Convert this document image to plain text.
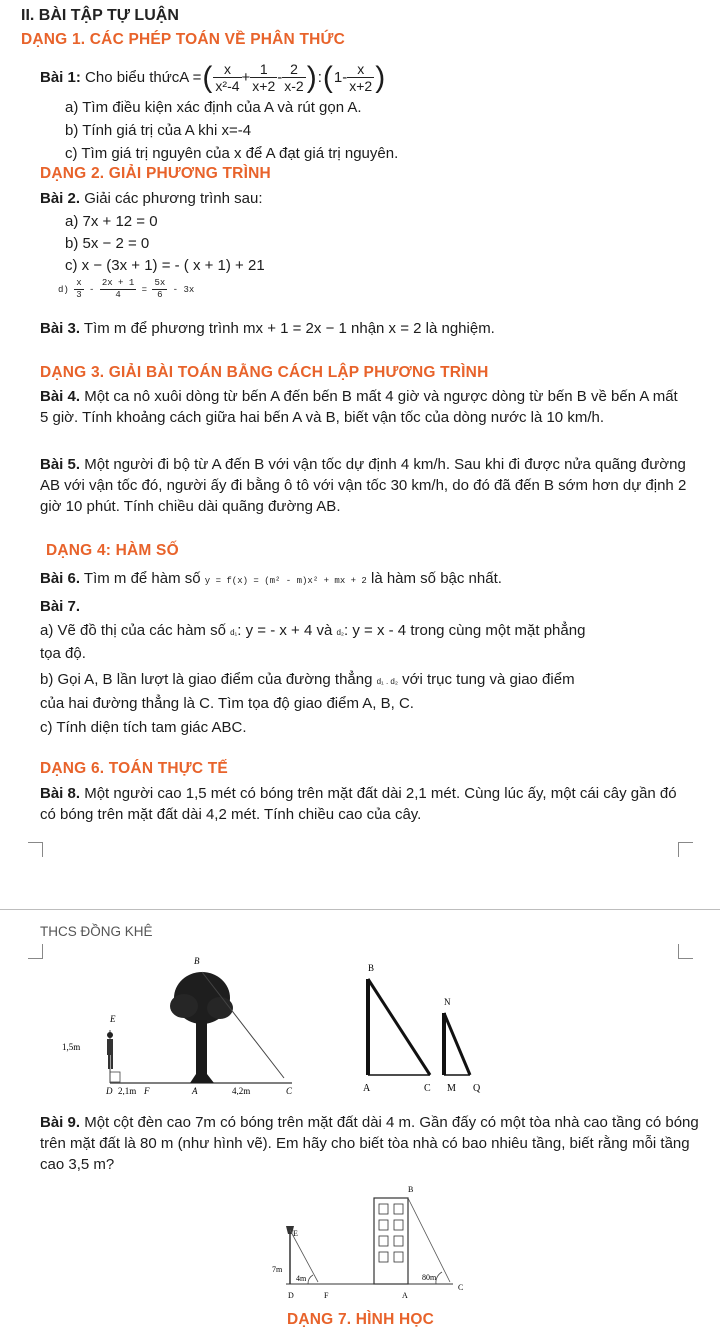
II. BÀI TẬP TỰ LUẬN
DẠNG 1. CÁC PHÉP TOÁN VỀ PHÂN THỨC
Bài 1:
Cho biểu thức A = ( $\frac{x}{\text{x²-4}} + \frac{1}{x+2} - \frac{2}{x-2}$ ) : ( $1- \frac{x}{x+2}$ )
a) Tìm điều kiện xác định của A và rút gọn A.
b) Tính giá trị của A khi x=-4
c) Tìm giá trị nguyên của x để A đạt giá trị nguyên.
DẠNG 2. GIẢI PHƯƠNG TRÌNH
Bài 2. Giải các phương trình sau:
a) 7x + 12 = 0
b) 5x − 2 = 0
c) x − (3x + 1) = - ( x + 1) + 21
d)
$\frac{x}{3} - \frac{2x + 1}{4} = \frac{5x}{6}$
- 3x
Bài 3. Tìm m để phương trình mx + 1 = 2x − 1 nhận x = 2 là nghiệm.
DẠNG 3. GIẢI BÀI TOÁN BẰNG CÁCH LẬP PHƯƠNG TRÌNH
Bài 4. Một ca nô xuôi dòng từ bến A đến bến B mất 4 giờ và ngược dòng từ bến B về bến A mất 5 giờ. Tính khoảng cách giữa hai bến A và B, biết vận tốc của dòng nước là 10 km/h.
Bài 5. Một người đi bộ từ A đến B với vận tốc dự định 4 km/h. Sau khi đi được nửa quãng đường AB với vận tốc đó, người ấy đi bằng ô tô với vận tốc 30 km/h, do đó đã đến B sớm hơn dự định 2 giờ 10 phút. Tính chiều dài quãng đường AB.
DẠNG 4: HÀM SỐ
Bài 6. Tìm m để hàm số y = f(x) = (m² - m)x² + mx + 2 là hàm số bậc nhất.
Bài 7.
a) Vẽ đồ thị của các hàm số d₁: y = - x + 4 và d₂: y = x - 4 trong cùng một mặt phẳng
tọa độ.
b) Gọi A, B lần lượt là giao điểm của đường thẳng d₁ . d₂ với trục tung và giao điểm
của hai đường thẳng là C. Tìm tọa độ giao điểm A, B, C.
c) Tính diện tích tam giác ABC.
DẠNG 6. TOÁN THỰC TẾ
Bài 8. Một người cao 1,5 mét có bóng trên mặt đất dài 2,1 mét. Cùng lúc ấy, một cái cây gần đó có bóng trên mặt đất dài 4,2 mét. Tính chiều cao của cây.
THCS ĐỒNG KHÊ
B
E
1,5m
D 2,1m F	A	4,2m	C
B
N
A	C M Q
Bài 9. Một cột đèn cao 7m có bóng trên mặt đất dài 4 m. Gần đấy có một tòa nhà cao tầng có bóng trên mặt đất là 80 m (như hình vẽ). Em hãy cho biết tòa nhà có bao nhiêu tầng, biết rằng mỗi tầng cao 3,5 m?
B
E
7m
4m	80m
D	F	A
C
DẠNG 7. HÌNH HỌC
